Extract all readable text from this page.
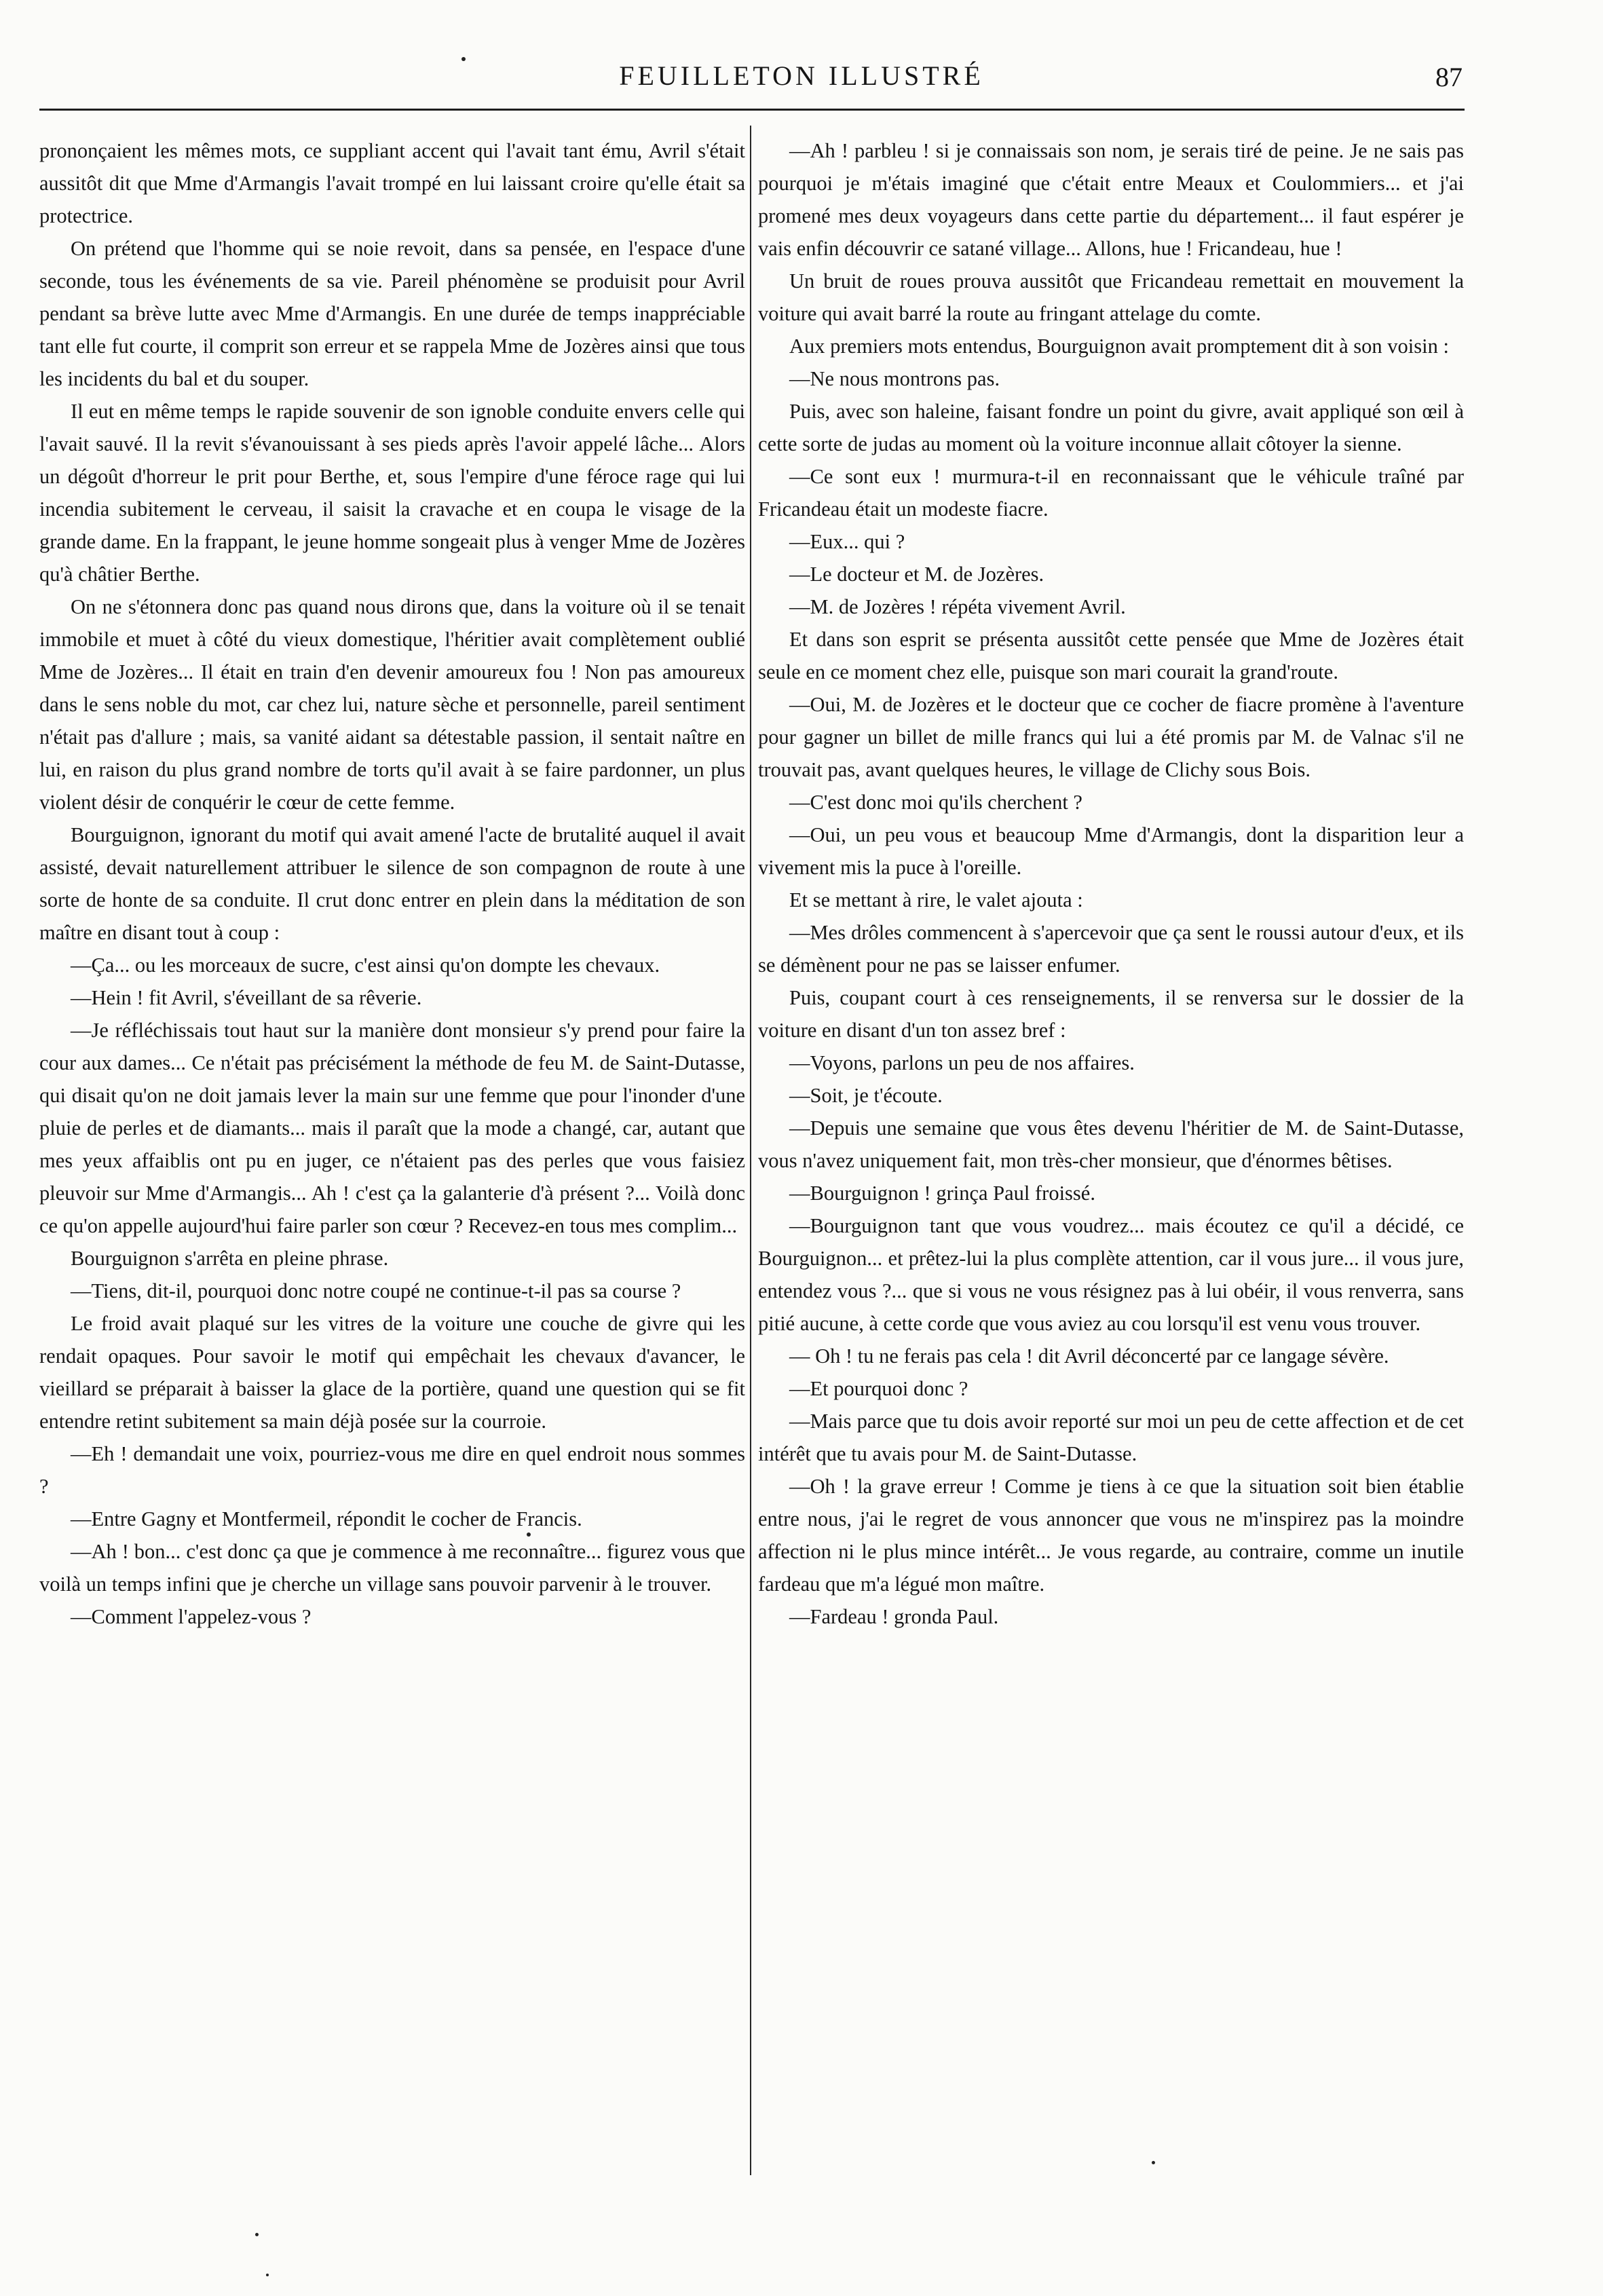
FEUILLETON ILLUSTRÉ	87

prononçaient les mêmes mots, ce suppliant accent qui l'avait tant ému, Avril s'était aussitôt dit que Mme d'Armangis l'avait trompé en lui laissant croire qu'elle était sa protectrice.

On prétend que l'homme qui se noie revoit, dans sa pensée, en l'espace d'une seconde, tous les événements de sa vie. Pareil phénomène se produisit pour Avril pendant sa brève lutte avec Mme d'Armangis. En une durée de temps inappréciable tant elle fut courte, il comprit son erreur et se rappela Mme de Jozères ainsi que tous les incidents du bal et du souper.

Il eut en même temps le rapide souvenir de son ignoble conduite envers celle qui l'avait sauvé. Il la revit s'évanouissant à ses pieds après l'avoir appelé lâche... Alors un dégoût d'horreur le prit pour Berthe, et, sous l'empire d'une féroce rage qui lui incendia subitement le cerveau, il saisit la cravache et en coupa le visage de la grande dame. En la frappant, le jeune homme songeait plus à venger Mme de Jozères qu'à châtier Berthe.

On ne s'étonnera donc pas quand nous dirons que, dans la voiture où il se tenait immobile et muet à côté du vieux domestique, l'héritier avait complètement oublié Mme de Jozères... Il était en train d'en devenir amoureux fou ! Non pas amoureux dans le sens noble du mot, car chez lui, nature sèche et personnelle, pareil sentiment n'était pas d'allure ; mais, sa vanité aidant sa détestable passion, il sentait naître en lui, en raison du plus grand nombre de torts qu'il avait à se faire pardonner, un plus violent désir de conquérir le cœur de cette femme.

Bourguignon, ignorant du motif qui avait amené l'acte de brutalité auquel il avait assisté, devait naturellement attribuer le silence de son compagnon de route à une sorte de honte de sa conduite. Il crut donc entrer en plein dans la méditation de son maître en disant tout à coup :

—Ça... ou les morceaux de sucre, c'est ainsi qu'on dompte les chevaux.

—Hein ! fit Avril, s'éveillant de sa rêverie.

—Je réfléchissais tout haut sur la manière dont monsieur s'y prend pour faire la cour aux dames... Ce n'était pas précisément la méthode de feu M. de Saint-Dutasse, qui disait qu'on ne doit jamais lever la main sur une femme que pour l'inonder d'une pluie de perles et de diamants... mais il paraît que la mode a changé, car, autant que mes yeux affaiblis ont pu en juger, ce n'étaient pas des perles que vous faisiez pleuvoir sur Mme d'Armangis... Ah ! c'est ça la galanterie d'à présent ?... Voilà donc ce qu'on appelle aujourd'hui faire parler son cœur ? Recevez-en tous mes complim...

Bourguignon s'arrêta en pleine phrase.

—Tiens, dit-il, pourquoi donc notre coupé ne continue-t-il pas sa course ?

Le froid avait plaqué sur les vitres de la voiture une couche de givre qui les rendait opaques. Pour savoir le motif qui empêchait les chevaux d'avancer, le vieillard se préparait à baisser la glace de la portière, quand une question qui se fit entendre retint subitement sa main déjà posée sur la courroie.

—Eh ! demandait une voix, pourriez-vous me dire en quel endroit nous sommes ?

—Entre Gagny et Montfermeil, répondit le cocher de Francis.

—Ah ! bon... c'est donc ça que je commence à me reconnaître... figurez vous que voilà un temps infini que je cherche un village sans pouvoir parvenir à le trouver.

—Comment l'appelez-vous ?

—Ah ! parbleu ! si je connaissais son nom, je serais tiré de peine. Je ne sais pas pourquoi je m'étais imaginé que c'était entre Meaux et Coulommiers... et j'ai promené mes deux voyageurs dans cette partie du département... il faut espérer je vais enfin découvrir ce satané village... Allons, hue ! Fricandeau, hue !

Un bruit de roues prouva aussitôt que Fricandeau remettait en mouvement la voiture qui avait barré la route au fringant attelage du comte.

Aux premiers mots entendus, Bourguignon avait promptement dit à son voisin :

—Ne nous montrons pas.

Puis, avec son haleine, faisant fondre un point du givre, avait appliqué son œil à cette sorte de judas au moment où la voiture inconnue allait côtoyer la sienne.

—Ce sont eux ! murmura-t-il en reconnaissant que le véhicule traîné par Fricandeau était un modeste fiacre.

—Eux... qui ?

—Le docteur et M. de Jozères.

—M. de Jozères ! répéta vivement Avril.

Et dans son esprit se présenta aussitôt cette pensée que Mme de Jozères était seule en ce moment chez elle, puisque son mari courait la grand'route.

—Oui, M. de Jozères et le docteur que ce cocher de fiacre promène à l'aventure pour gagner un billet de mille francs qui lui a été promis par M. de Valnac s'il ne trouvait pas, avant quelques heures, le village de Clichy sous Bois.

—C'est donc moi qu'ils cherchent ?

—Oui, un peu vous et beaucoup Mme d'Armangis, dont la disparition leur a vivement mis la puce à l'oreille.

Et se mettant à rire, le valet ajouta :

—Mes drôles commencent à s'apercevoir que ça sent le roussi autour d'eux, et ils se démènent pour ne pas se laisser enfumer.

Puis, coupant court à ces renseignements, il se renversa sur le dossier de la voiture en disant d'un ton assez bref :

—Voyons, parlons un peu de nos affaires.

—Soit, je t'écoute.

—Depuis une semaine que vous êtes devenu l'héritier de M. de Saint-Dutasse, vous n'avez uniquement fait, mon très-cher monsieur, que d'énormes bêtises.

—Bourguignon ! grinça Paul froissé.

—Bourguignon tant que vous voudrez... mais écoutez ce qu'il a décidé, ce Bourguignon... et prêtez-lui la plus complète attention, car il vous jure... il vous jure, entendez vous ?... que si vous ne vous résignez pas à lui obéir, il vous renverra, sans pitié aucune, à cette corde que vous aviez au cou lorsqu'il est venu vous trouver.

— Oh ! tu ne ferais pas cela ! dit Avril déconcerté par ce langage sévère.

—Et pourquoi donc ?

—Mais parce que tu dois avoir reporté sur moi un peu de cette affection et de cet intérêt que tu avais pour M. de Saint-Dutasse.

—Oh ! la grave erreur ! Comme je tiens à ce que la situation soit bien établie entre nous, j'ai le regret de vous annoncer que vous ne m'inspirez pas la moindre affection ni le plus mince intérêt... Je vous regarde, au contraire, comme un inutile fardeau que m'a légué mon maître.

—Fardeau ! gronda Paul.
